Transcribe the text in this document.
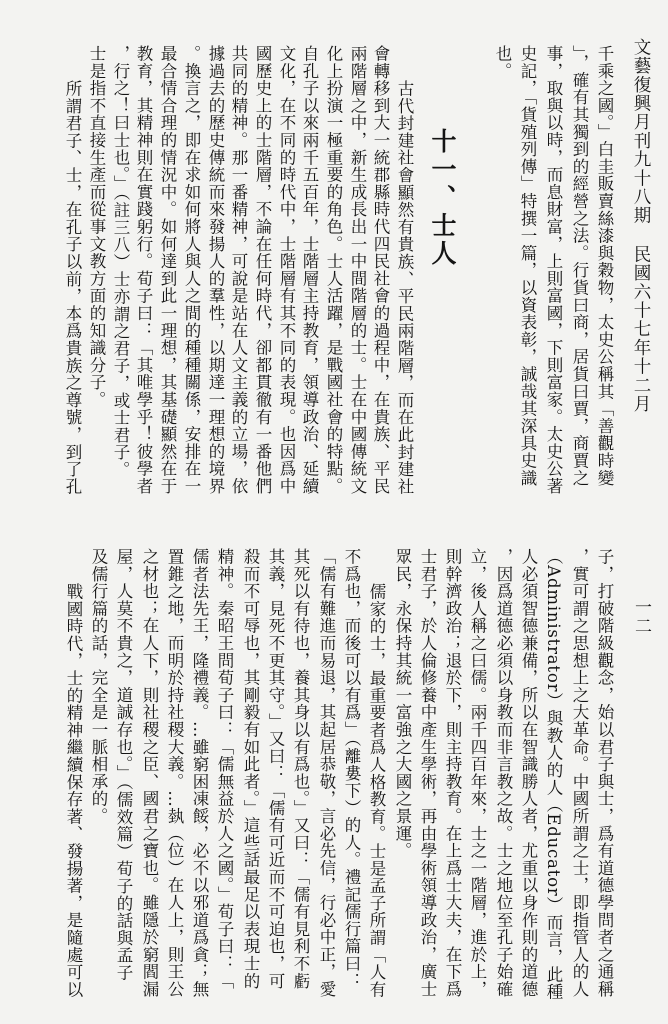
文藝復興月刊九十八期
民國六十七年十二月
千乘之國。」白圭販賣絲漆與穀物，太史公稱其「善觀時變
」，確有其獨到的經營之法。行貨曰商，居貨曰賈，商賈之
事，取與以時，而息財富，上則富國，下則富家。太史公著
史記，「貨殖列傳」特撰一篇，以資表彰，誠哉其深具史識
也。
十一、士人
古代封建社會顯然有貴族、平民兩階層，而在此封建社
會轉移到大一統郡縣時代四民社會的過程中，在貴族、平民
兩階層之中，新生成長出一中間階層的士。士在中國傳統文
化上扮演一極重要的角色。士人活躍，是戰國社會的特點。
自孔子以來兩千五百年，士階層主持教育，領導政治、延續
文化，在不同的時代中，士階層有其不同的表現。也因爲中
國歷史上的士階層，不論在任何時代，卻都貫徹有一番他們
共同的精神。那一番精神，可說是站在人文主義的立場，依
據過去的歷史傳統而來發揚人的羣性，以期達一理想的境界
。換言之，即在求如何將人與人之間的種種關係，安排在一
最合情合理的情況中。如何達到此一理想，其基礎顯然在于
教育，其精神則在實踐躬行。荀子曰：「其唯學乎！彼學者
，行之！曰士也。」（註三八）士亦謂之君子，或士君子。
士是指不直接生產而從事文教方面的知識分子。
所謂君子、士，在孔子以前，本爲貴族之尊號，到了孔
一二
子，打破階級觀念，始以君子與士，爲有道德學問者之通稱
，實可謂之思想上之大革命。中國所謂之士，即指管人的人
（Administrator）與教人的人（Educator）而言，此種
人必須智德兼備，所以在智識勝人者，尤重以身作則的道德
，因爲道德必須以身教而非言教之故。士之地位至孔子始確
立，後人稱之曰儒。兩千四百年來，士之一階層，進於上，
則幹濟政治；退於下，則主持教育。在上爲士大夫，在下爲
士君子，於人倫修養中產生學術，再由學術領導政治，廣士
眾民，永保持其統一富強之大國之景運。
儒家的士，最重要者爲人格教育。士是孟子所謂「人有
不爲也，而後可以有爲」（離婁下）的人。禮記儒行篇曰：
「儒有難進而易退，其起居恭敬，言必先信，行必中正，愛
其死以有待也，養其身以有爲也。」又曰：「儒有見利不虧
其義，見死不更其守。」又曰：「儒有可近而不可迫也，可
殺而不可辱也，其剛毅有如此者。」這些話最足以表現士的
精神。秦昭王問荀子曰：「儒無益於人之國。」荀子曰：「
儒者法先王，隆禮義。…雖窮困凍餒，必不以邪道爲貪；無
置錐之地，而明於持社稷大義。…埶（位）在人上，則王公
之材也；在人下，則社稷之臣、國君之寶也。雖隱於窮閻漏
屋，人莫不貴之，道誠存也。」（儒效篇）荀子的話與孟子
及儒行篇的話，完全是一脈相承的。
戰國時代，士的精神繼續保存著、發揚著，是隨處可以
